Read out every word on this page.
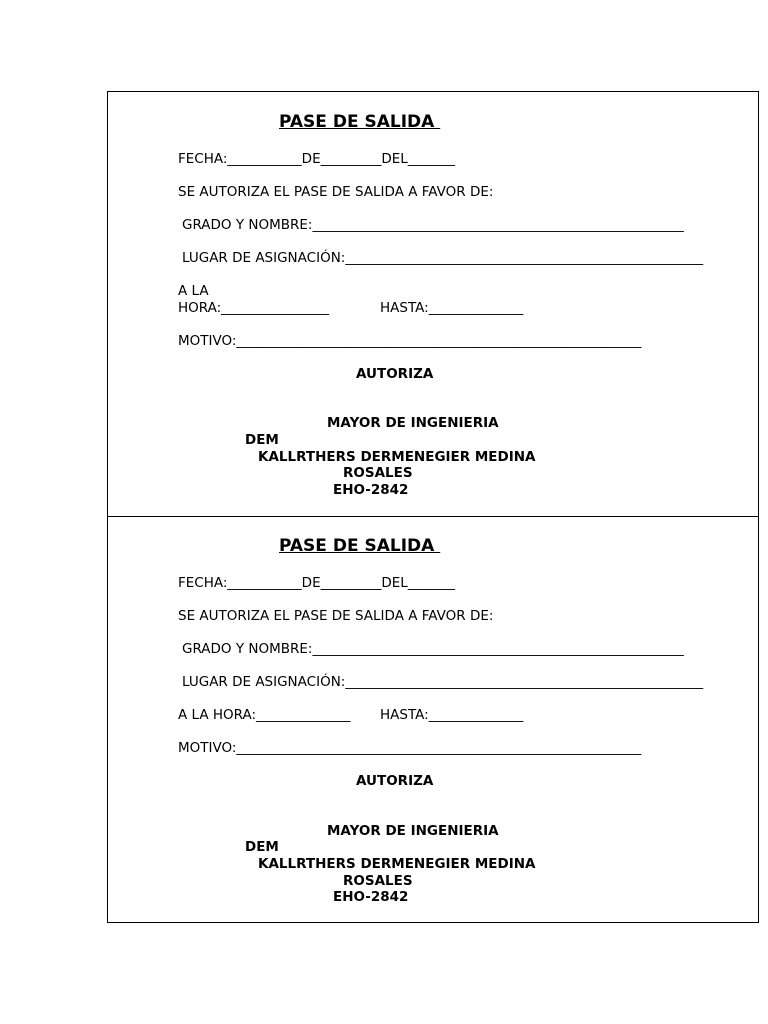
PASE DE SALIDA
FECHA:___________DE_________DEL_______
SE AUTORIZA EL PASE DE SALIDA A FAVOR DE:
GRADO Y NOMBRE:_______________________________________________________
LUGAR DE ASIGNACIÓN:_____________________________________________________
A LA
HORA:________________	HASTA:______________
MOTIVO:____________________________________________________________
AUTORIZA
MAYOR DE INGENIERIA
DEM
KALLRTHERS DERMENEGIER MEDINA
ROSALES
EHO-2842
PASE DE SALIDA
FECHA:___________DE_________DEL_______
SE AUTORIZA EL PASE DE SALIDA A FAVOR DE:
GRADO Y NOMBRE:_______________________________________________________
LUGAR DE ASIGNACIÓN:_____________________________________________________
A LA HORA:______________ HASTA:______________
MOTIVO:____________________________________________________________
AUTORIZA
MAYOR DE INGENIERIA
DEM
KALLRTHERS DERMENEGIER MEDINA
ROSALES
EHO-2842
